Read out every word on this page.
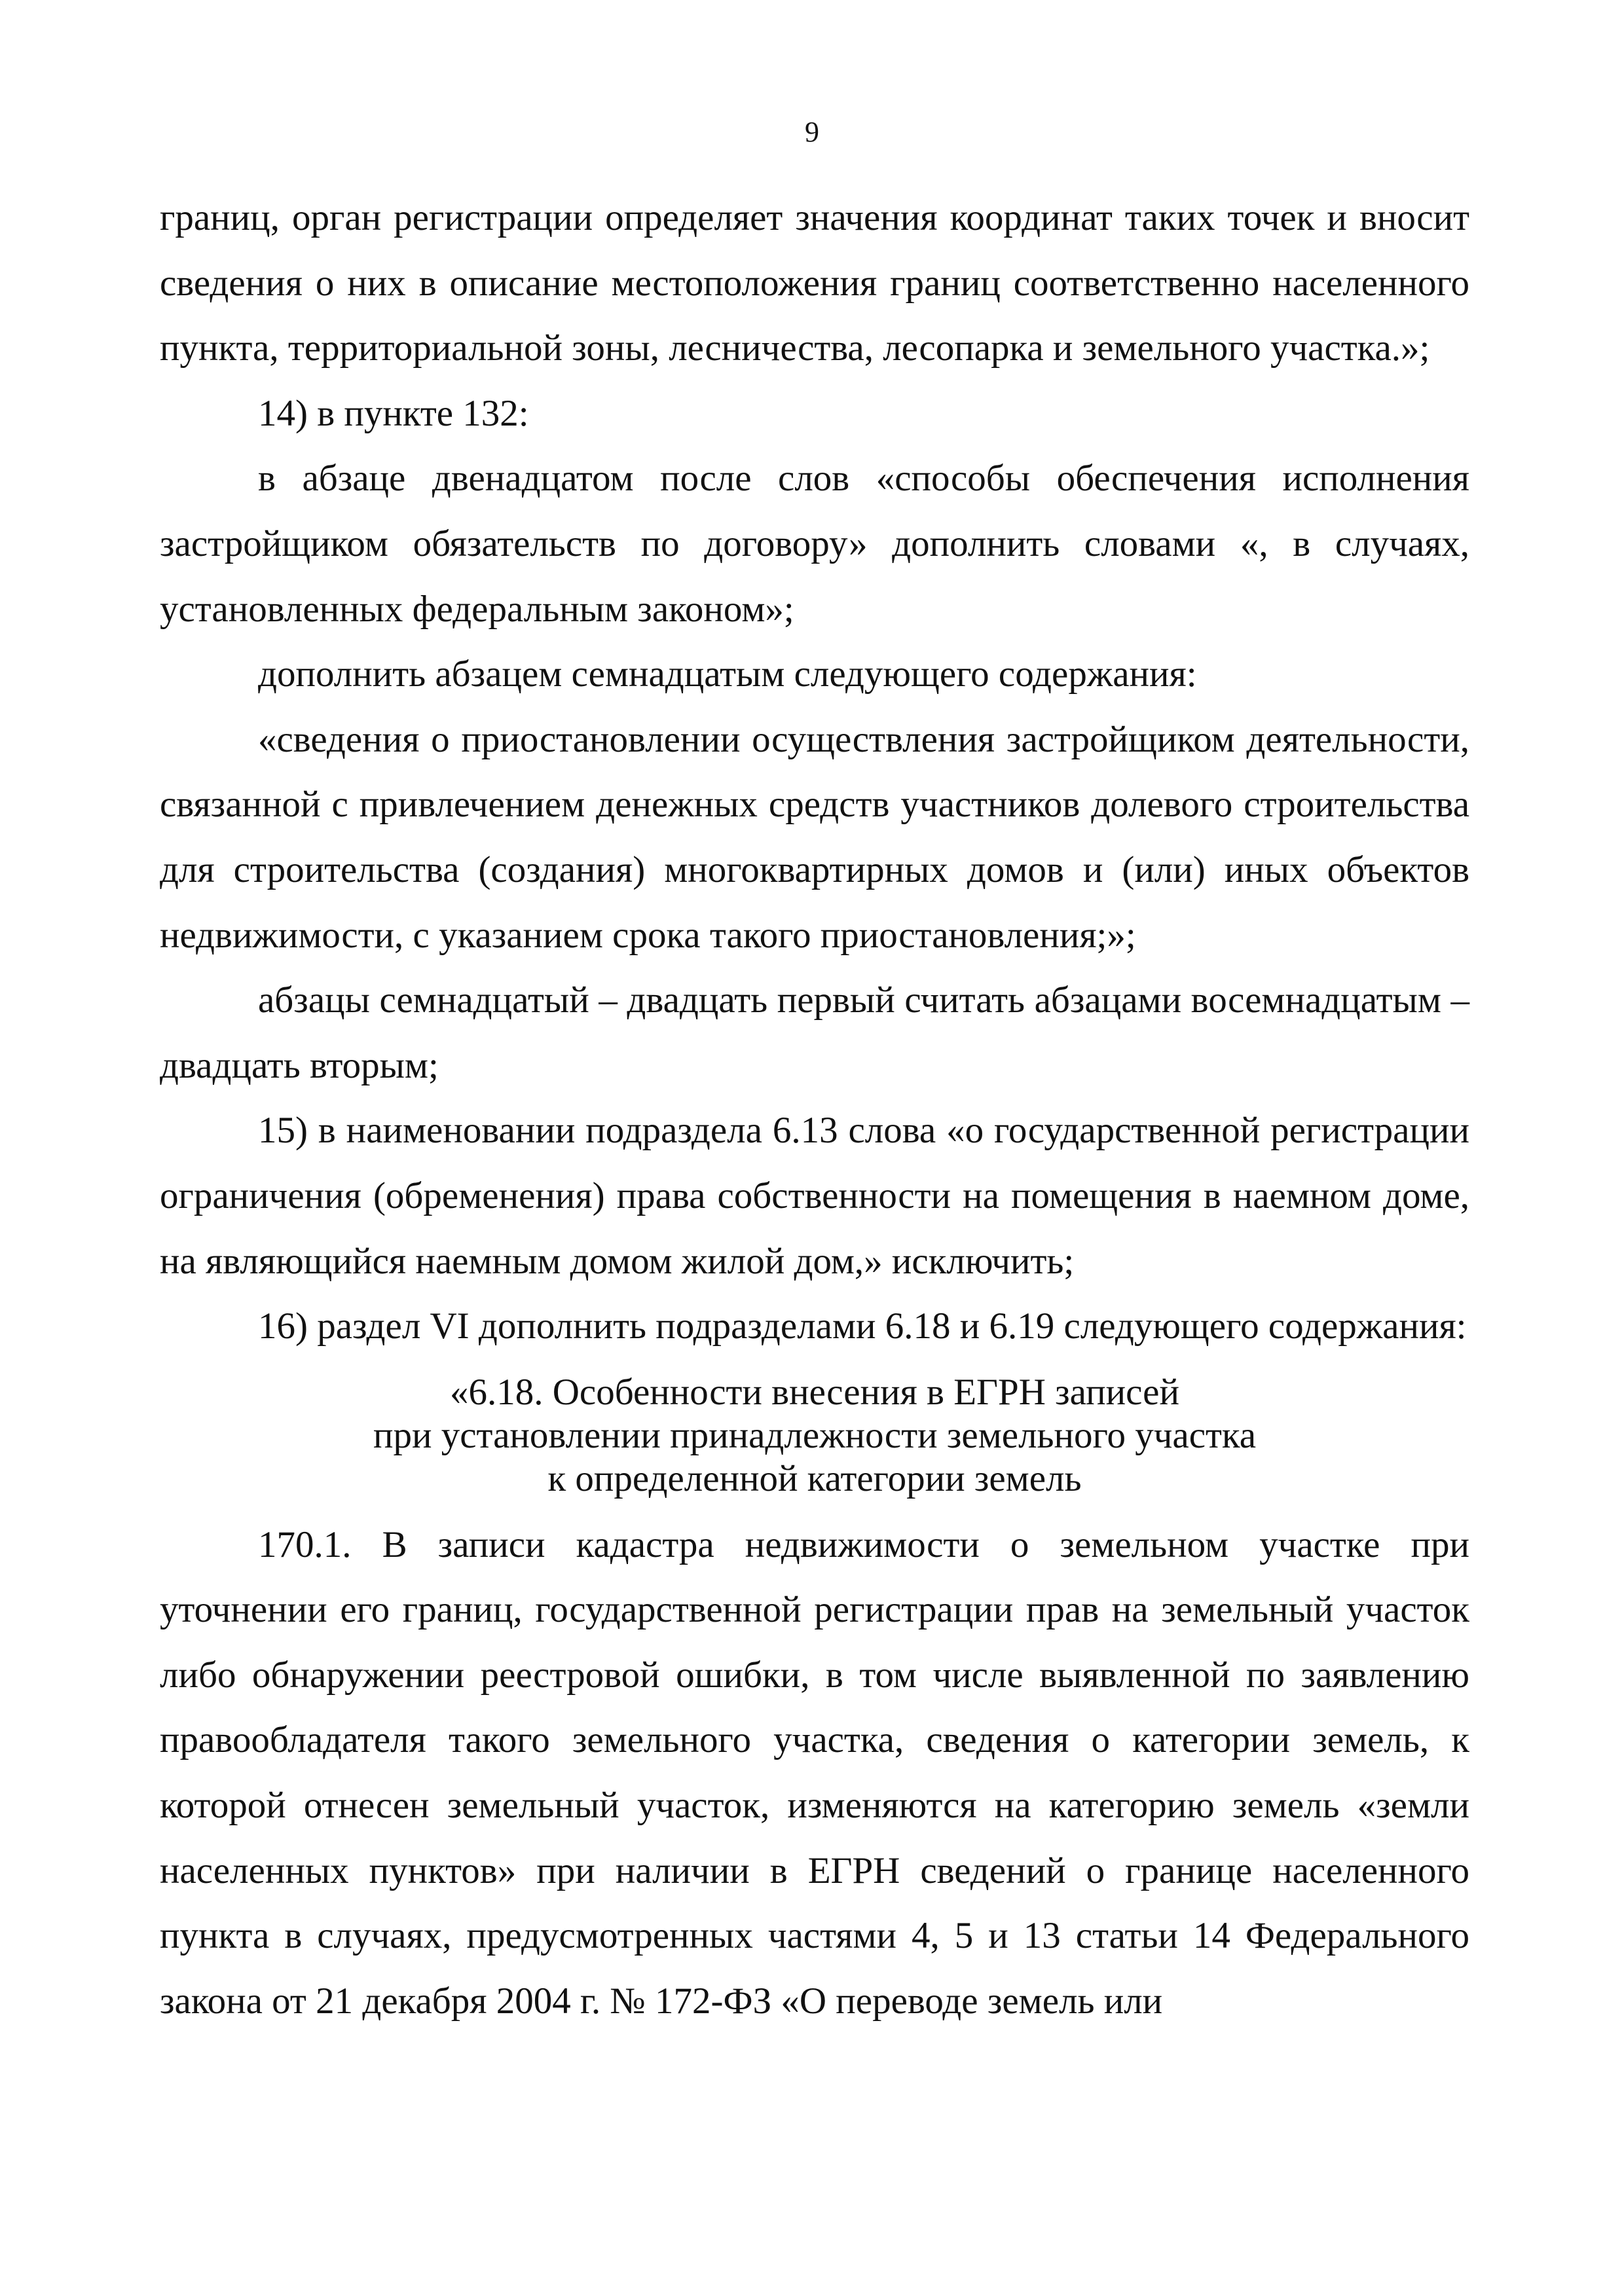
9

границ, орган регистрации определяет значения координат таких точек и вносит сведения о них в описание местоположения границ соответственно населенного пункта, территориальной зоны, лесничества, лесопарка и земельного участка.»;

14) в пункте 132:

в абзаце двенадцатом после слов «способы обеспечения исполнения застройщиком обязательств по договору» дополнить словами «, в случаях, установленных федеральным законом»;

дополнить абзацем семнадцатым следующего содержания:

«сведения о приостановлении осуществления застройщиком деятельности, связанной с привлечением денежных средств участников долевого строительства для строительства (создания) многоквартирных домов и (или) иных объектов недвижимости, с указанием срока такого приостановления;»;

абзацы семнадцатый – двадцать первый считать абзацами восемнадцатым – двадцать вторым;

15) в наименовании подраздела 6.13 слова «о государственной регистрации ограничения (обременения) права собственности на помещения в наемном доме, на являющийся наемным домом жилой дом,» исключить;

16) раздел VI дополнить подразделами 6.18 и 6.19 следующего содержания:

«6.18. Особенности внесения в ЕГРН записей

при установлении принадлежности земельного участка

к определенной категории земель

170.1. В записи кадастра недвижимости о земельном участке при уточнении его границ, государственной регистрации прав на земельный участок либо обнаружении реестровой ошибки, в том числе выявленной по заявлению правообладателя такого земельного участка, сведения о категории земель, к которой отнесен земельный участок, изменяются на категорию земель «земли населенных пунктов» при наличии в ЕГРН сведений о границе населенного пункта в случаях, предусмотренных частями 4, 5 и 13 статьи 14 Федерального закона от 21 декабря 2004 г. № 172-ФЗ «О переводе земель или
